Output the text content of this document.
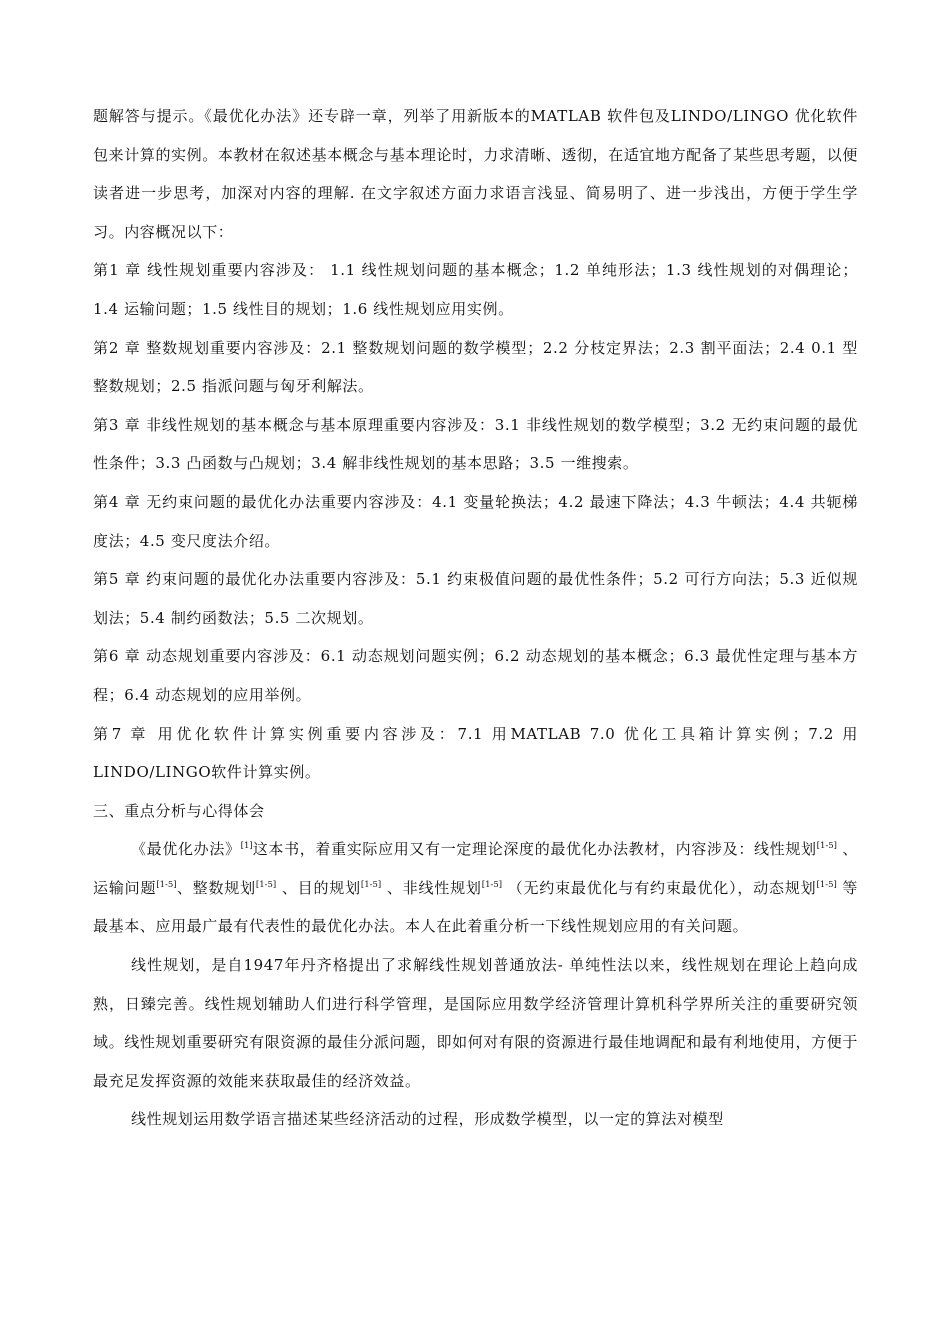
题解答与提示。《最优化办法》还专辟一章，列举了用新版本的MATLAB 软件包及LINDO/LINGO 优化软件包来计算的实例。本教材在叙述基本概念与基本理论时，力求清晰、透彻，在适宜地方配备了某些思考题，以便读者进一步思考，加深对内容的理解. 在文字叙述方面力求语言浅显、简易明了、进一步浅出，方便于学生学习。内容概况以下：

第1 章 线性规划重要内容涉及： 1.1 线性规划问题的基本概念；1.2 单纯形法；1.3 线性规划的对偶理论；1.4 运输问题；1.5 线性目的规划；1.6 线性规划应用实例。

第2 章 整数规划重要内容涉及：2.1 整数规划问题的数学模型；2.2 分枝定界法；2.3 割平面法；2.4 0.1 型整数规划；2.5 指派问题与匈牙利解法。

第3 章 非线性规划的基本概念与基本原理重要内容涉及：3.1 非线性规划的数学模型；3.2 无约束问题的最优性条件；3.3 凸函数与凸规划；3.4 解非线性规划的基本思路；3.5 一维搜索。

第4 章 无约束问题的最优化办法重要内容涉及：4.1 变量轮换法；4.2 最速下降法；4.3 牛顿法；4.4 共轭梯度法；4.5 变尺度法介绍。

第5 章 约束问题的最优化办法重要内容涉及：5.1 约束极值问题的最优性条件；5.2 可行方向法；5.3 近似规划法；5.4 制约函数法；5.5 二次规划。

第6 章 动态规划重要内容涉及：6.1 动态规划问题实例；6.2 动态规划的基本概念；6.3 最优性定理与基本方程；6.4 动态规划的应用举例。

第7 章 用优化软件计算实例重要内容涉及：7.1 用MATLAB 7.0 优化工具箱计算实例；7.2 用LINDO/LINGO软件计算实例。

三、重点分析与心得体会

《最优化办法》[1]这本书，着重实际应用又有一定理论深度的最优化办法教材，内容涉及：线性规划[1-5] 、运输问题[1-5]、整数规划[1-5] 、目的规划[1-5] 、非线性规划[1-5] （无约束最优化与有约束最优化），动态规划[1-5] 等最基本、应用最广最有代表性的最优化办法。本人在此着重分析一下线性规划应用的有关问题。

线性规划，是自1947年丹齐格提出了求解线性规划普通放法- 单纯性法以来，线性规划在理论上趋向成熟，日臻完善。线性规划辅助人们进行科学管理，是国际应用数学经济管理计算机科学界所关注的重要研究领域。线性规划重要研究有限资源的最佳分派问题，即如何对有限的资源进行最佳地调配和最有利地使用，方便于最充足发挥资源的效能来获取最佳的经济效益。

线性规划运用数学语言描述某些经济活动的过程，形成数学模型，以一定的算法对模型
